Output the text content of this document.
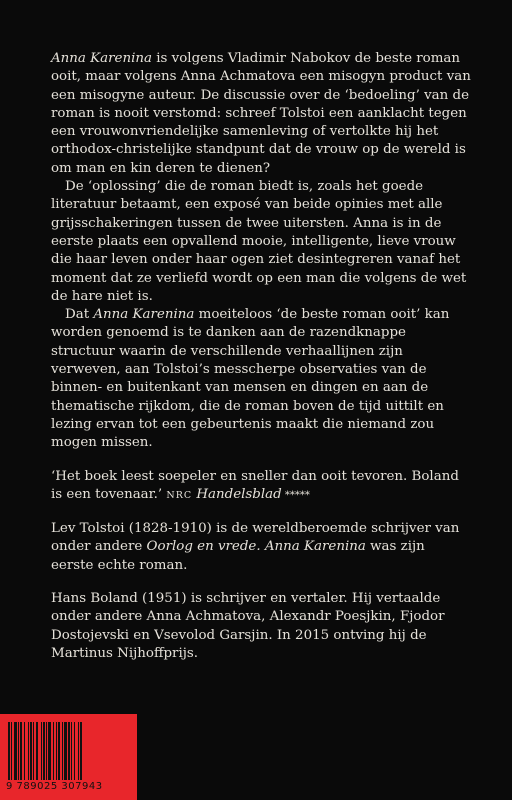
Anna Karenina is volgens Vladimir Nabokov de beste roman ooit, maar volgens Anna Achmatova een misogyn product van een misogyne auteur. De discussie over de ‘bedoeling’ van de roman is nooit verstomd: schreef Tolstoi een aanklacht tegen een vrouwonvriendelijke samenleving of vertolkte hij het orthodox-christelijke standpunt dat de vrouw op de wereld is om man en kin deren te dienen?

De ‘oplossing’ die de roman biedt is, zoals het goede literatuur betaamt, een exposé van beide opinies met alle grijsschakeringen tussen de twee uitersten. Anna is in de eerste plaats een opvallend mooie, intelligente, lieve vrouw die haar leven onder haar ogen ziet desintegreren vanaf het moment dat ze verliefd wordt op een man die volgens de wet de hare niet is.

Dat Anna Karenina moeiteloos ‘de beste roman ooit’ kan worden genoemd is te danken aan de razendknappe structuur waarin de verschillende verhaallijnen zijn verweven, aan Tolstoi’s messcherpe observaties van de binnen- en buitenkant van mensen en dingen en aan de thematische rijkdom, die de roman boven de tijd uittilt en lezing ervan tot een gebeurtenis maakt die niemand zou mogen missen.

‘Het boek leest soepeler en sneller dan ooit tevoren. Boland is een tovenaar.’ NRC Handelsblad *****

Lev Tolstoi (1828-1910) is de wereldberoemde schrijver van onder andere Oorlog en vrede. Anna Karenina was zijn eerste echte roman.

Hans Boland (1951) is schrijver en vertaler. Hij vertaalde onder andere Anna Achmatova, Alexandr Poesjkin, Fjodor Dostojevski en Vsevolod Garsjin. In 2015 ontving hij de Martinus Nijhoffprijs.

9 789025 307943
